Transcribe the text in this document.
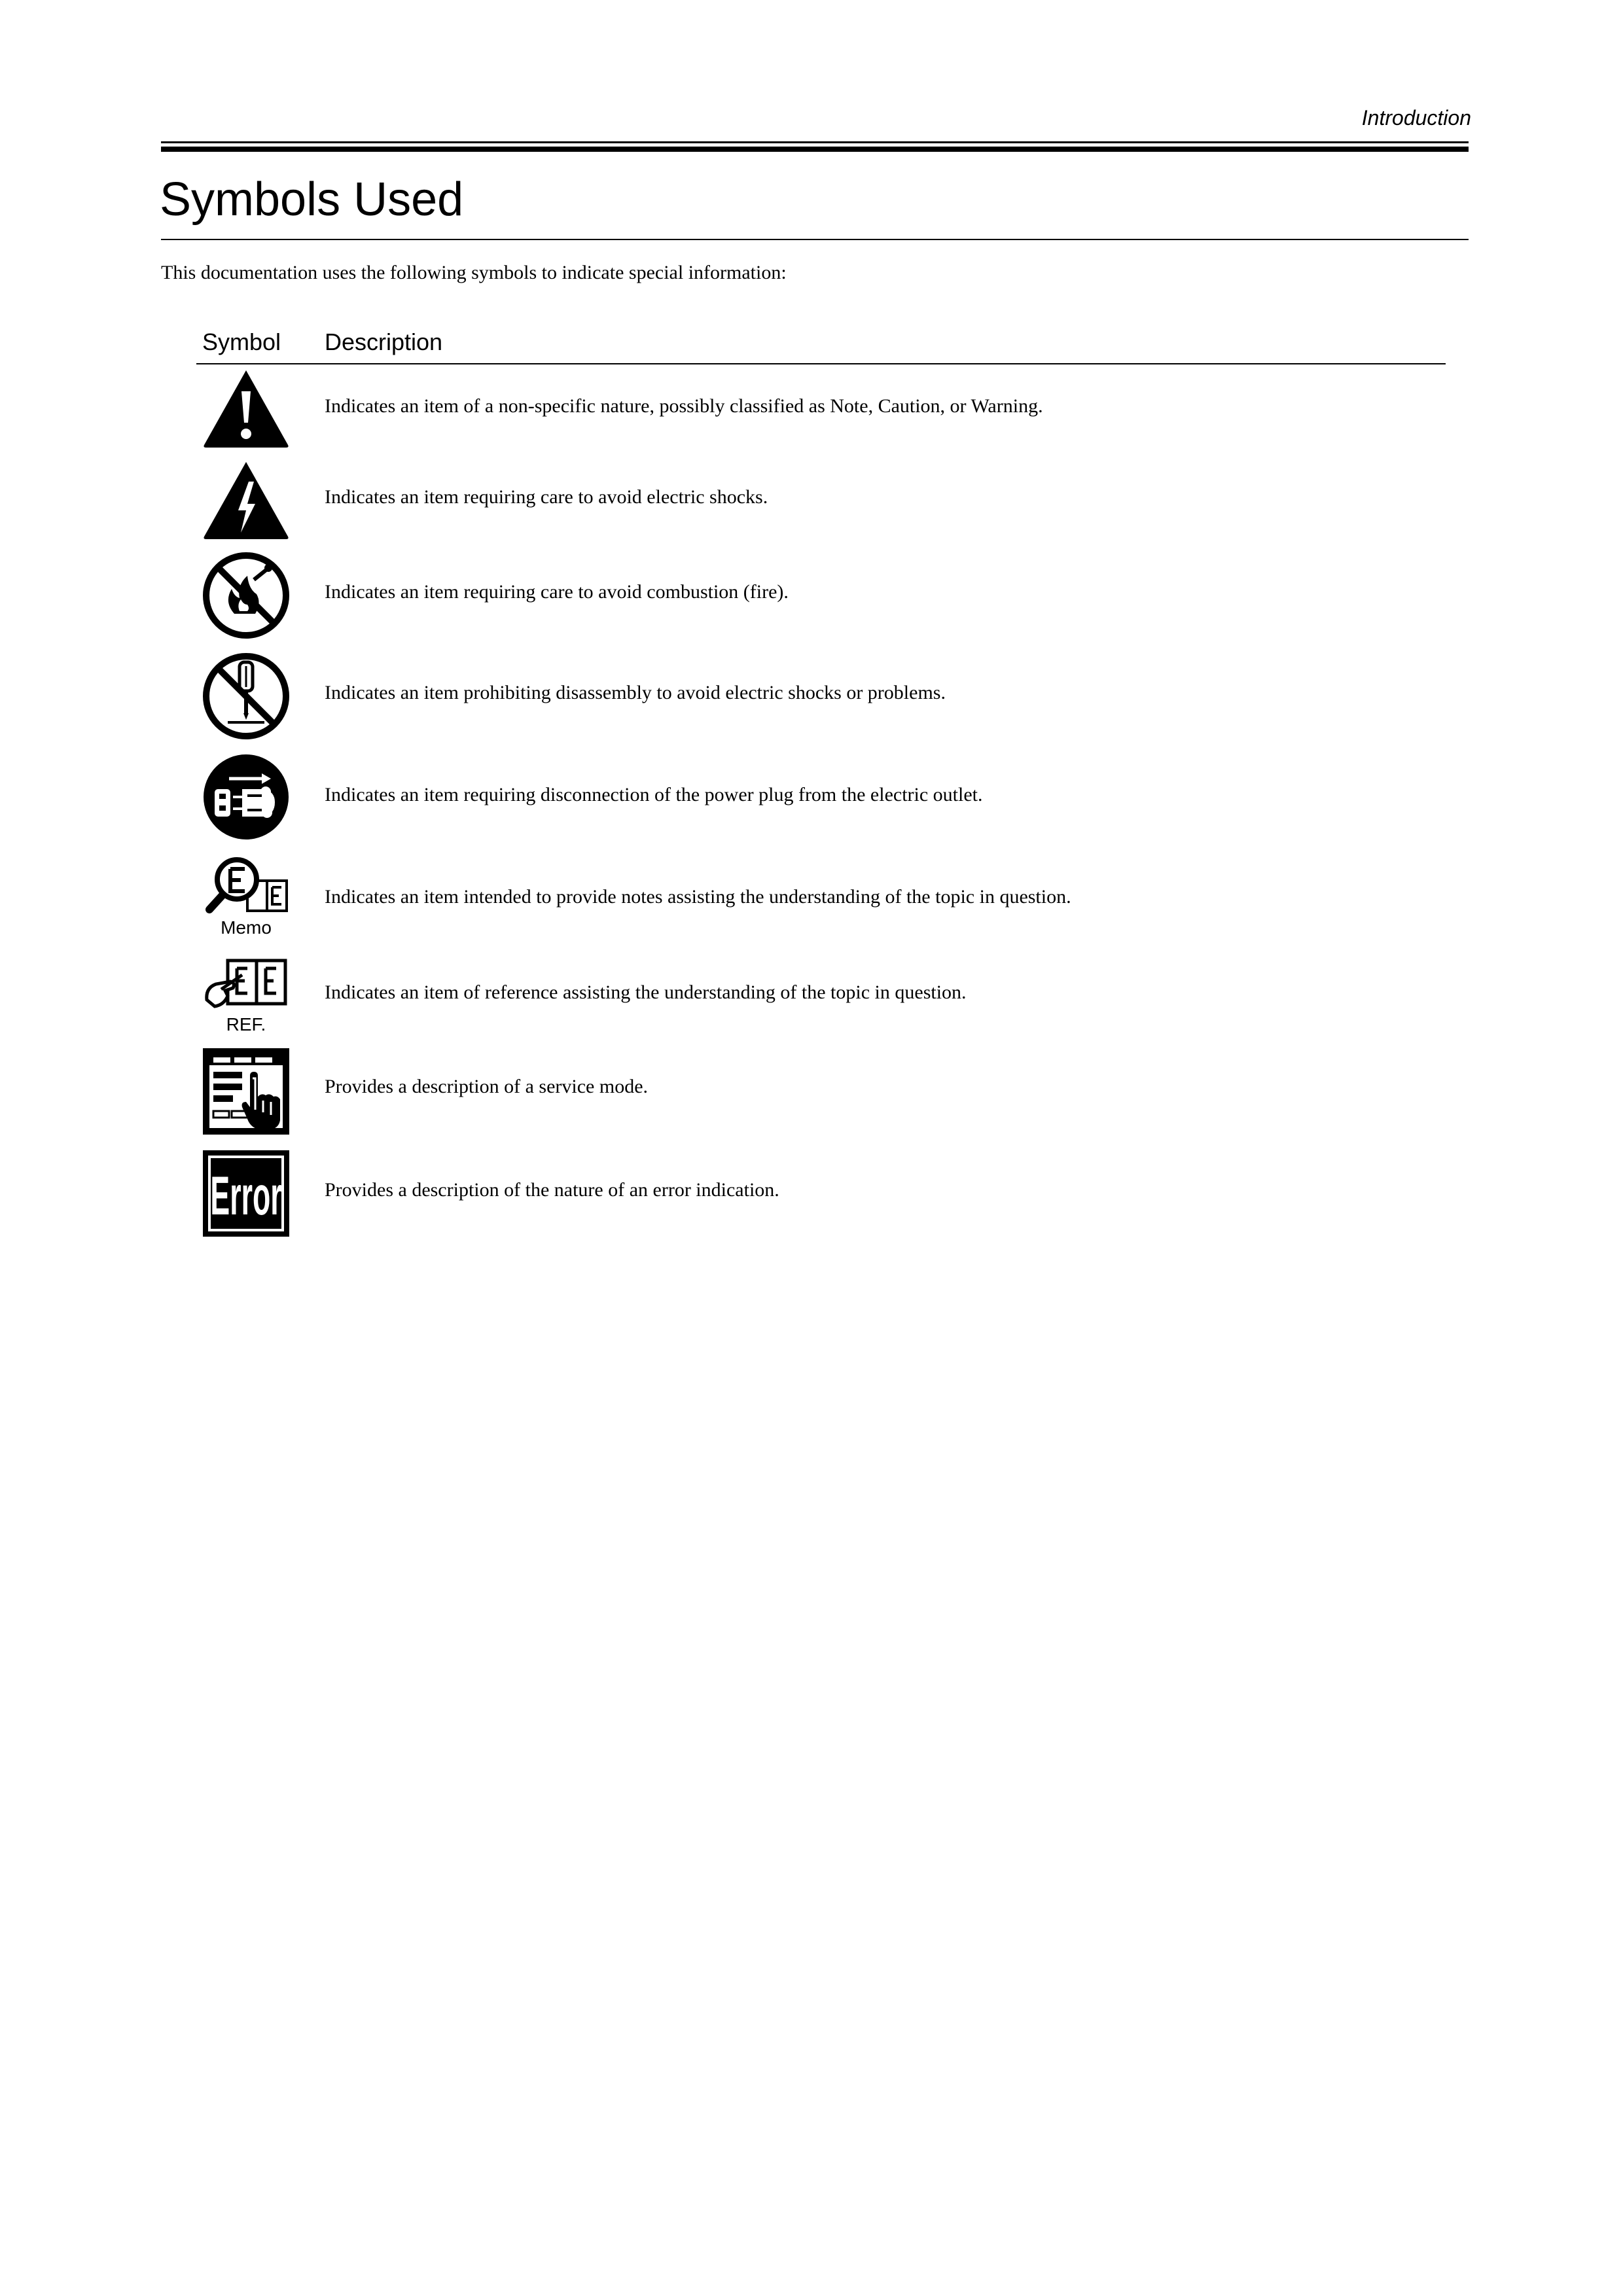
Introduction
Symbols Used
This documentation uses the following symbols to indicate special information:
Symbol Description
Indicates an item of a non-specific nature, possibly classified as Note, Caution, or Warning.
Indicates an item requiring care to avoid electric shocks.
Indicates an item requiring care to avoid combustion (fire).
Indicates an item prohibiting disassembly to avoid electric shocks or problems.
Indicates an item requiring disconnection of the power plug from the electric outlet.
Memo
Indicates an item intended to provide notes assisting the understanding of the topic in question.
REF.
Indicates an item of reference assisting the understanding of the topic in question.
Provides a description of a service mode.
Error Provides a description of the nature of an error indication.
